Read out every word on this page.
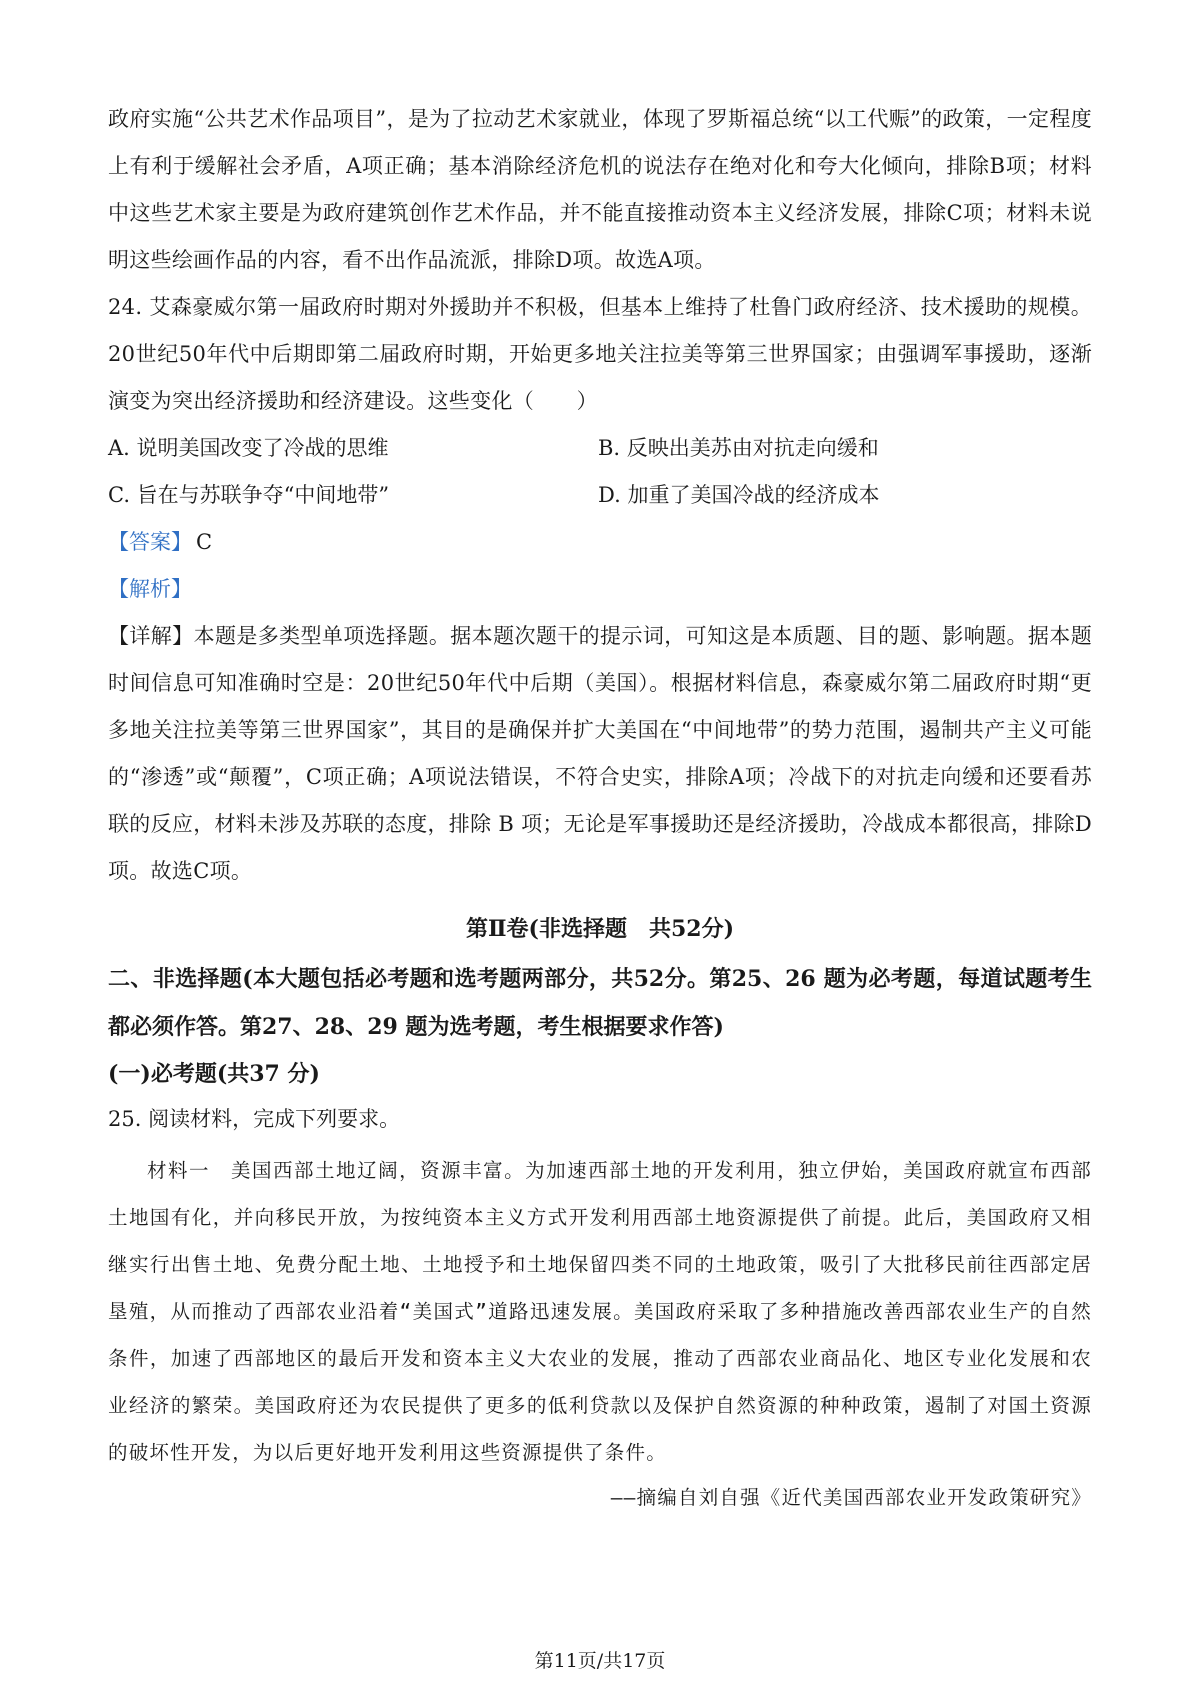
政府实施“公共艺术作品项目”，是为了拉动艺术家就业，体现了罗斯福总统“以工代赈”的政策，一定程度上有利于缓解社会矛盾，A项正确；基本消除经济危机的说法存在绝对化和夸大化倾向，排除B项；材料中这些艺术家主要是为政府建筑创作艺术作品，并不能直接推动资本主义经济发展，排除C项；材料未说明这些绘画作品的内容，看不出作品流派，排除D项。故选A项。

24. 艾森豪威尔第一届政府时期对外援助并不积极，但基本上维持了杜鲁门政府经济、技术援助的规模。20世纪50年代中后期即第二届政府时期，开始更多地关注拉美等第三世界国家；由强调军事援助，逐渐演变为突出经济援助和经济建设。这些变化（　　）

A. 说明美国改变了冷战的思维	B. 反映出美苏由对抗走向缓和
C. 旨在与苏联争夺“中间地带”	D. 加重了美国冷战的经济成本
【答案】 C
【解析】

【详解】本题是多类型单项选择题。据本题次题干的提示词，可知这是本质题、目的题、影响题。据本题时间信息可知准确时空是：20世纪50年代中后期（美国）。根据材料信息，森豪威尔第二届政府时期“更多地关注拉美等第三世界国家”，其目的是确保并扩大美国在“中间地带”的势力范围，遏制共产主义可能的“渗透”或“颠覆”，C项正确；A项说法错误，不符合史实，排除A项；冷战下的对抗走向缓和还要看苏联的反应，材料未涉及苏联的态度，排除 B 项；无论是军事援助还是经济援助，冷战成本都很高，排除D项。故选C项。

第Ⅱ卷(非选择题　共52分)

二、非选择题(本大题包括必考题和选考题两部分，共52分。第25、26 题为必考题，每道试题考生都必须作答。第27、28、29 题为选考题，考生根据要求作答)

(一)必考题(共37 分)
25. 阅读材料，完成下列要求。

材料一　美国西部土地辽阔，资源丰富。为加速西部土地的开发利用，独立伊始，美国政府就宣布西部土地国有化，并向移民开放，为按纯资本主义方式开发利用西部土地资源提供了前提。此后，美国政府又相继实行出售土地、免费分配土地、土地授予和土地保留四类不同的土地政策，吸引了大批移民前往西部定居垦殖，从而推动了西部农业沿着“美国式”道路迅速发展。美国政府采取了多种措施改善西部农业生产的自然条件，加速了西部地区的最后开发和资本主义大农业的发展，推动了西部农业商品化、地区专业化发展和农业经济的繁荣。美国政府还为农民提供了更多的低利贷款以及保护自然资源的种种政策，遏制了对国土资源的破坏性开发，为以后更好地开发利用这些资源提供了条件。

——摘编自刘自强《近代美国西部农业开发政策研究》
第11页/共17页
